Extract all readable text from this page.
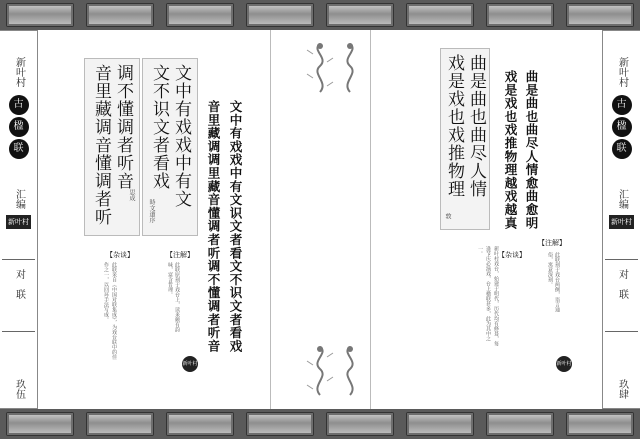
新叶村
古
楹
联
汇编
新叶村
对　联
玖伍
新叶村
古
楹
联
汇编
新叶村
对　联
玖肆
调不懂调者听音
音里藏调音懂调者听	思成 文中有戏戏中有文
文不识文者看戏
時文道序	文中有戏戏中有文识文者看文不识文者看戏
音里藏调调里藏音懂调者听调不懂调者听音
【注解】
此联原刻于戏台上，读来颇有韵味，富含哲理。
【杂谈】
此联采自《中国对联集成》，为戏台联中的佳作之一，以回环手法写成。
新叶村
曲是曲也曲尽人情
戏是戏也戏推物理
敦	曲是曲也曲尽人情愈曲愈明
戏是戏也戏推物理越戏越真
【注解】
此联刻于戏台两侧，语言通俗，寓意深刻。
【杂谈】
新叶村戏台，始建于明代，历代均有修葺，每逢节庆必演戏，台上楹联甚多，此为其中之一。
新叶村
